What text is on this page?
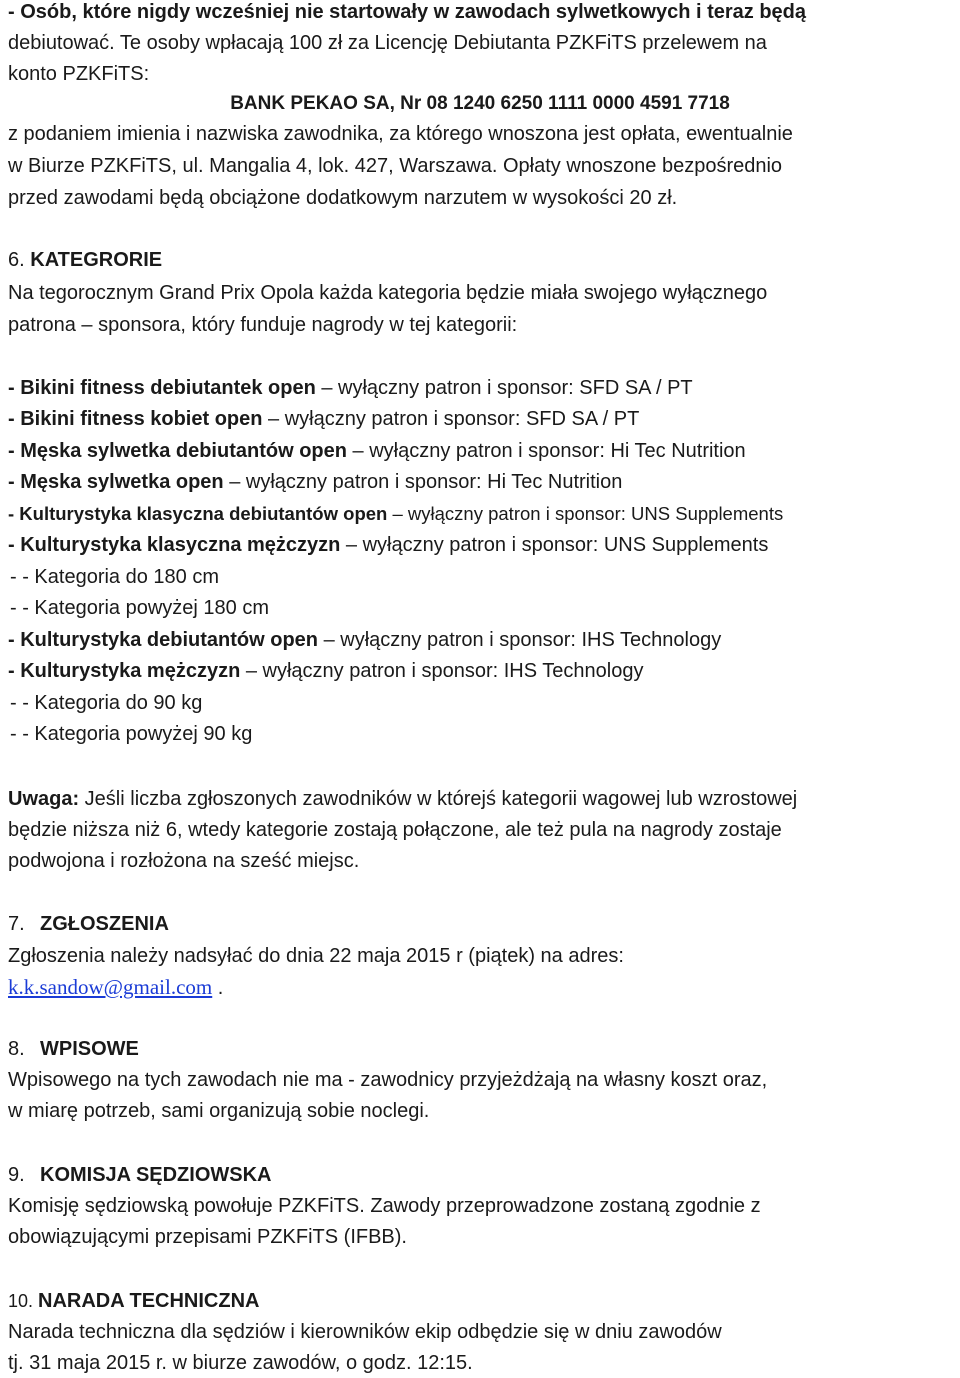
- Osób, które nigdy wcześniej nie startowały w zawodach sylwetkowych i teraz będą
debiutować. Te osoby wpłacają 100 zł za Licencję Debiutanta PZKFiTS przelewem na
konto PZKFiTS:
BANK PEKAO SA, Nr 08 1240 6250 1111 0000 4591 7718
z podaniem imienia i nazwiska zawodnika, za którego wnoszona jest opłata, ewentualnie
w Biurze PZKFiTS, ul. Mangalia 4, lok. 427, Warszawa. Opłaty wnoszone bezpośrednio
przed zawodami będą obciążone dodatkowym narzutem w wysokości 20 zł.
6. KATEGRORIE
Na tegorocznym Grand Prix Opola każda kategoria będzie miała swojego wyłącznego
patrona – sponsora, który funduje nagrody w tej kategorii:
- Bikini fitness debiutantek open – wyłączny patron i sponsor: SFD SA / PT
- Bikini fitness kobiet open – wyłączny patron i sponsor: SFD SA / PT
- Męska sylwetka debiutantów open – wyłączny patron i sponsor: Hi Tec Nutrition
- Męska sylwetka open – wyłączny patron i sponsor: Hi Tec Nutrition
- Kulturystyka klasyczna debiutantów open – wyłączny patron i sponsor: UNS Supplements
- Kulturystyka klasyczna mężczyzn – wyłączny patron i sponsor: UNS Supplements
- - Kategoria do 180 cm
- - Kategoria powyżej 180 cm
- Kulturystyka debiutantów open – wyłączny patron i sponsor: IHS Technology
- Kulturystyka mężczyzn – wyłączny patron i sponsor: IHS Technology
- - Kategoria do 90 kg
- - Kategoria powyżej 90 kg
Uwaga: Jeśli liczba zgłoszonych zawodników w którejś kategorii wagowej lub wzrostowej
będzie niższa niż 6, wtedy kategorie zostają połączone, ale też pula na nagrody zostaje
podwojona i rozłożona na sześć miejsc.
7. ZGŁOSZENIA
Zgłoszenia należy nadsyłać do dnia 22 maja 2015 r (piątek) na adres:
k.k.sandow@gmail.com .
8. WPISOWE
Wpisowego na tych zawodach nie ma - zawodnicy przyjeżdżają na własny koszt oraz,
w miarę potrzeb, sami organizują sobie noclegi.
9. KOMISJA SĘDZIOWSKA
Komisję sędziowską powołuje PZKFiTS. Zawody przeprowadzone zostaną zgodnie z
obowiązującymi przepisami PZKFiTS (IFBB).
10. NARADA TECHNICZNA
Narada techniczna dla sędziów i kierowników ekip odbędzie się w dniu zawodów
tj. 31 maja 2015 r. w biurze zawodów, o godz. 12:15.
